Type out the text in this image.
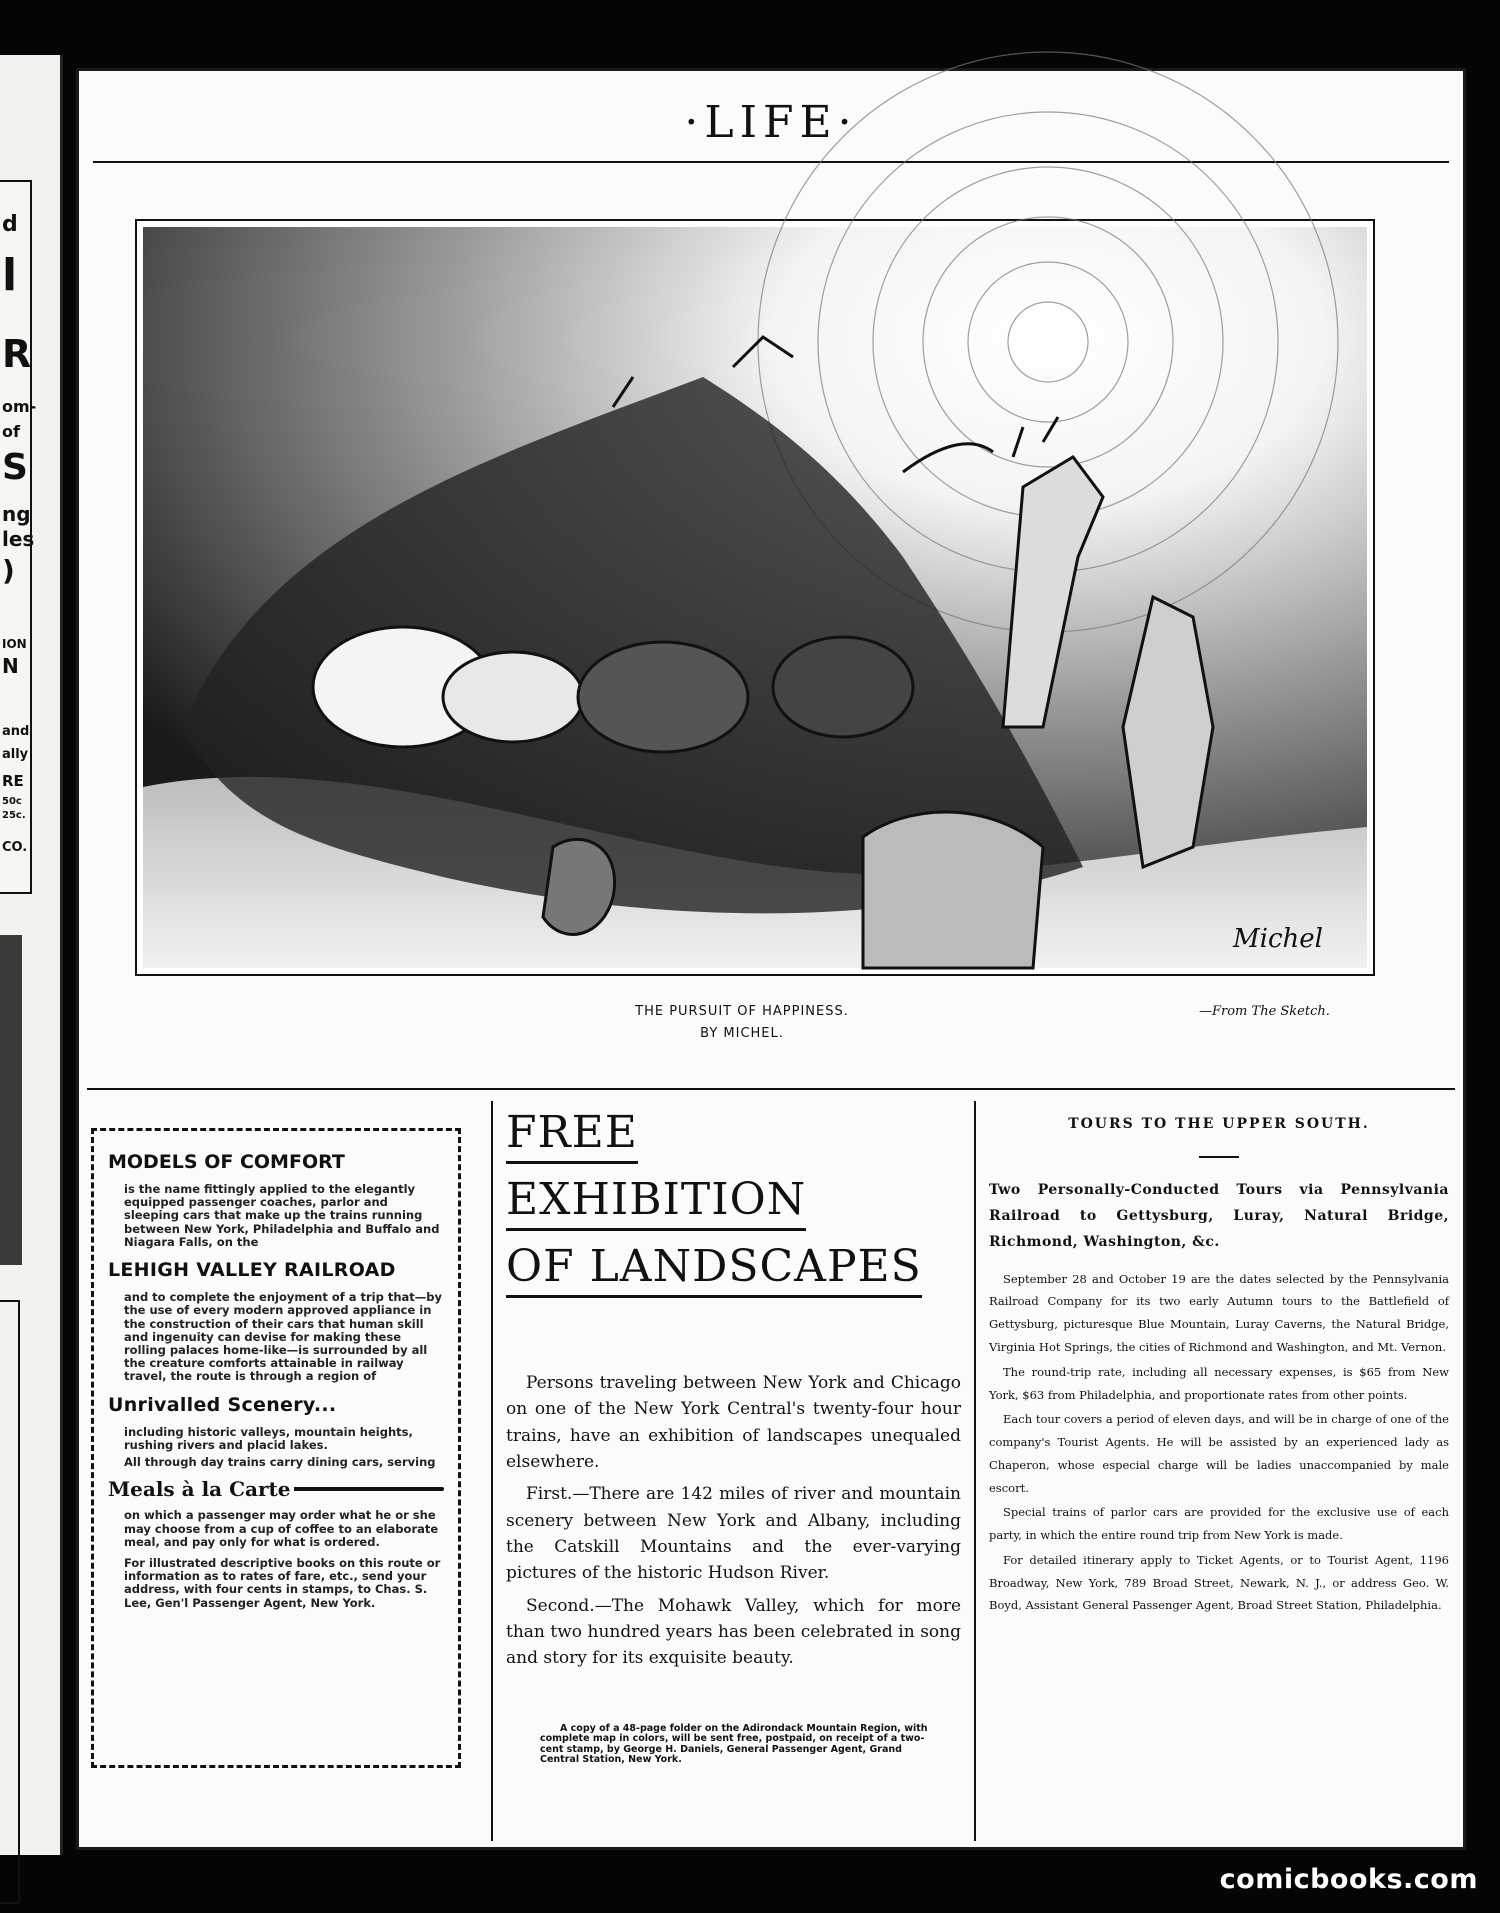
d
l
R
om-
of
S
ng
les
)
ION
N
and
ally
RE
50c
25c.
CO.
·LIFE·
Michel
THE PURSUIT OF HAPPINESS.
BY MICHEL.
—From The Sketch.
MODELS OF COMFORT
is the name fittingly applied to the elegantly equipped passenger coaches, parlor and sleeping cars that make up the trains running between New York, Philadelphia and Buffalo and Niagara Falls, on the
LEHIGH VALLEY RAILROAD
and to complete the enjoyment of a trip that—by the use of every modern approved appliance in the construction of their cars that human skill and ingenuity can devise for making these rolling palaces home-like—is surrounded by all the creature comforts attainable in railway travel, the route is through a region of
Unrivalled Scenery...
including historic valleys, mountain heights, rushing rivers and placid lakes.
All through day trains carry dining cars, serving
Meals à la Carte
on which a passenger may order what he or she may choose from a cup of coffee to an elaborate meal, and pay only for what is ordered.
For illustrated descriptive books on this route or information as to rates of fare, etc., send your address, with four cents in stamps, to Chas. S. Lee, Gen'l Passenger Agent, New York.
FREE
EXHIBITION
OF LANDSCAPES

Persons traveling between New York and Chicago on one of the New York Central's twenty-four hour trains, have an exhibition of landscapes unequaled elsewhere.

First.—There are 142 miles of river and mountain scenery between New York and Albany, including the Catskill Mountains and the ever-varying pictures of the historic Hudson River.

Second.—The Mohawk Valley, which for more than two hundred years has been celebrated in song and story for its exquisite beauty.

A copy of a 48-page folder on the Adirondack Mountain Region, with complete map in colors, will be sent free, postpaid, on receipt of a two-cent stamp, by George H. Daniels, General Passenger Agent, Grand Central Station, New York.
TOURS TO THE UPPER SOUTH.
Two Personally-Conducted Tours via Pennsylvania Railroad to Gettysburg, Luray, Natural Bridge, Richmond, Washington, &c.

September 28 and October 19 are the dates selected by the Pennsylvania Railroad Company for its two early Autumn tours to the Battlefield of Gettysburg, picturesque Blue Mountain, Luray Caverns, the Natural Bridge, Virginia Hot Springs, the cities of Richmond and Washington, and Mt. Vernon.

The round-trip rate, including all necessary expenses, is $65 from New York, $63 from Philadelphia, and proportionate rates from other points.

Each tour covers a period of eleven days, and will be in charge of one of the company's Tourist Agents. He will be assisted by an experienced lady as Chaperon, whose especial charge will be ladies unaccompanied by male escort.

Special trains of parlor cars are provided for the exclusive use of each party, in which the entire round trip from New York is made.

For detailed itinerary apply to Ticket Agents, or to Tourist Agent, 1196 Broadway, New York, 789 Broad Street, Newark, N. J., or address Geo. W. Boyd, Assistant General Passenger Agent, Broad Street Station, Philadelphia.

comicbooks.com
